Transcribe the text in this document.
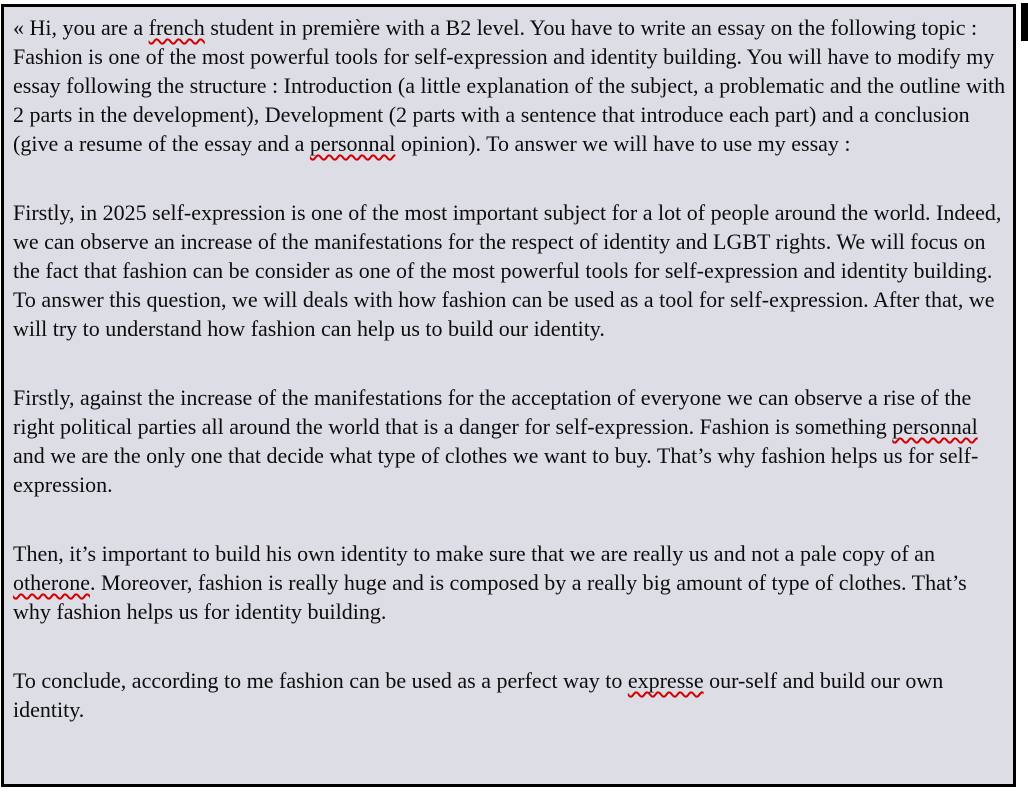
« Hi, you are a french student in première with a B2 level. You have to write an essay on the following topic : Fashion is one of the most powerful tools for self-expression and identity building. You will have to modify my essay following the structure : Introduction (a little explanation of the subject, a problematic and the outline with 2 parts in the development), Development (2 parts with a sentence that introduce each part) and a conclusion (give a resume of the essay and a personnal opinion). To answer we will have to use my essay :

Firstly, in 2025 self-expression is one of the most important subject for a lot of people around the world. Indeed, we can observe an increase of the manifestations for the respect of identity and LGBT rights. We will focus on the fact that fashion can be consider as one of the most powerful tools for self-expression and identity building. To answer this question, we will deals with how fashion can be used as a tool for self-expression. After that, we will try to understand how fashion can help us to build our identity.

Firstly, against the increase of the manifestations for the acceptation of everyone we can observe a rise of the right political parties all around the world that is a danger for self-expression. Fashion is something personnal and we are the only one that decide what type of clothes we want to buy. That’s why fashion helps us for self-expression.

Then, it’s important to build his own identity to make sure that we are really us and not a pale copy of an otherone. Moreover, fashion is really huge and is composed by a really big amount of type of clothes. That’s why fashion helps us for identity building.

To conclude, according to me fashion can be used as a perfect way to expresse our-self and build our own identity.
